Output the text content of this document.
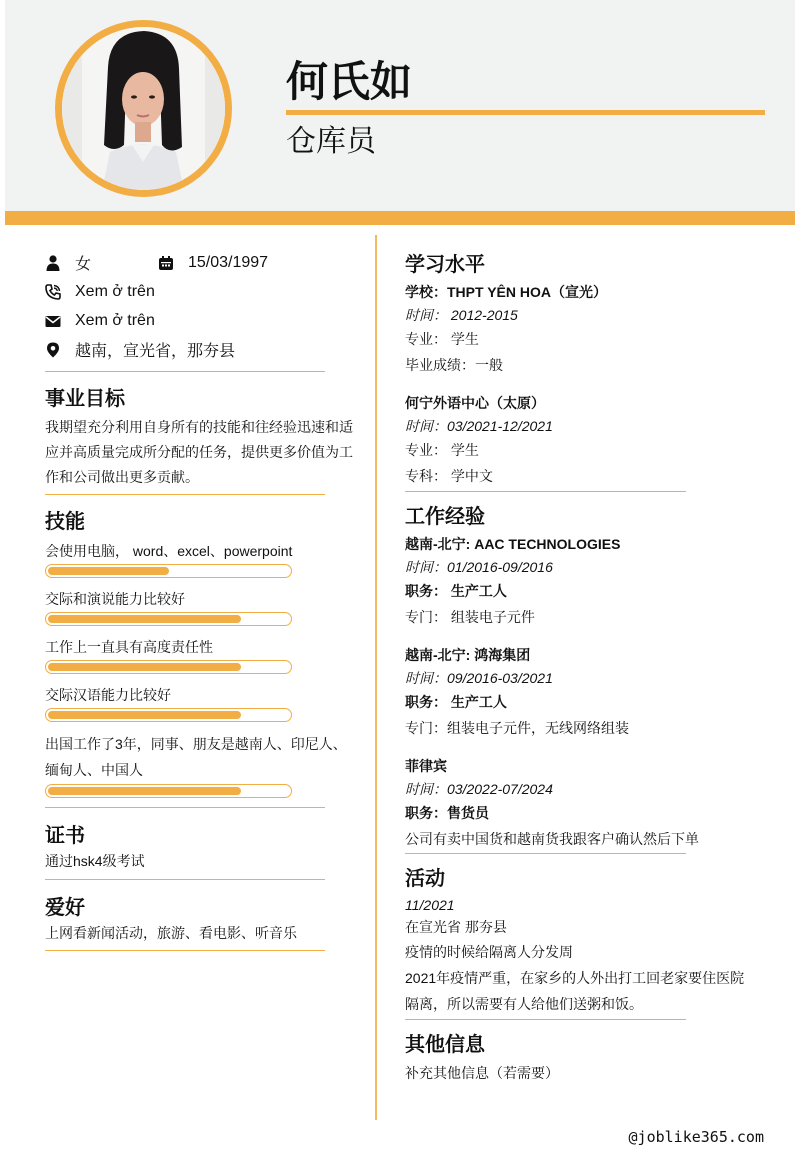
何氏如
仓库员
女	15/03/1997
Xem ở trên
Xem ở trên
越南，宣光省，那夯县
事业目标
我期望充分利用自身所有的技能和往经验迅速和适应并高质量完成所分配的任务，提供更多价值为工作和公司做出更多贡献。
技能
会使用电脑， word、excel、powerpoint
交际和演说能力比较好
工作上一直具有高度责任性
交际汉语能力比较好
出国工作了3年，同事、朋友是越南人、印尼人、缅甸人、中国人
证书
通过hsk4级考试
爱好
上网看新闻活动，旅游、看电影、听音乐
学习水平
学校：THPT YÊN HOA（宣光）
时间： 2012-2015
专业： 学生
毕业成绩：一般
何宁外语中心（太原）
时间：03/2021-12/2021
专业： 学生
专科： 学中文
工作经验
越南-北宁: AAC TECHNOLOGIES
时间：01/2016-09/2016
职务： 生产工人
专门： 组装电子元件
越南-北宁: 鸿海集团
时间：09/2016-03/2021
职务： 生产工人
专门：组装电子元件，无线网络组装
菲律宾
时间：03/2022-07/2024
职务：售货员
公司有卖中国货和越南货我跟客户确认然后下单
活动
11/2021
在宣光省 那夯县
疫情的时候给隔离人分发周
2021年疫情严重，在家乡的人外出打工回老家要住医院
隔离，所以需要有人给他们送粥和饭。
其他信息
补充其他信息（若需要）
@joblike365.com
